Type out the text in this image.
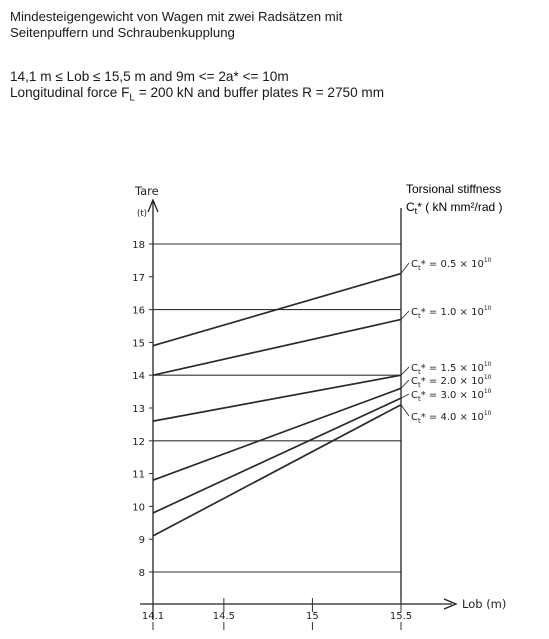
Mindesteigengewicht von Wagen mit zwei Radsätzen mit
Seitenpuffern und Schraubenkupplung
14,1 m ≤ Lob ≤ 15,5 m and 9m <= 2a* <= 10m
Longitudinal force $F_L = 200$ kN and buffer plates R = 2750 mm
Tare
(t)
Lob (m)
Torsional stiffness
$C_t*$ ( kN mm²/rad )
8
9
10
11
12
13
14
15
16
17
18
14.1	14.5	15	15.5
$C_t* = 0.5 \times 10^{10}$
$C_t* = 1.0 \times 10^{10}$
$C_t* = 1.5 \times 10^{10}$
$C_t* = 2.0 \times 10^{10}$
$C_t* = 3.0 \times 10^{10}$
$C_t* = 4.0 \times 10^{10}$
